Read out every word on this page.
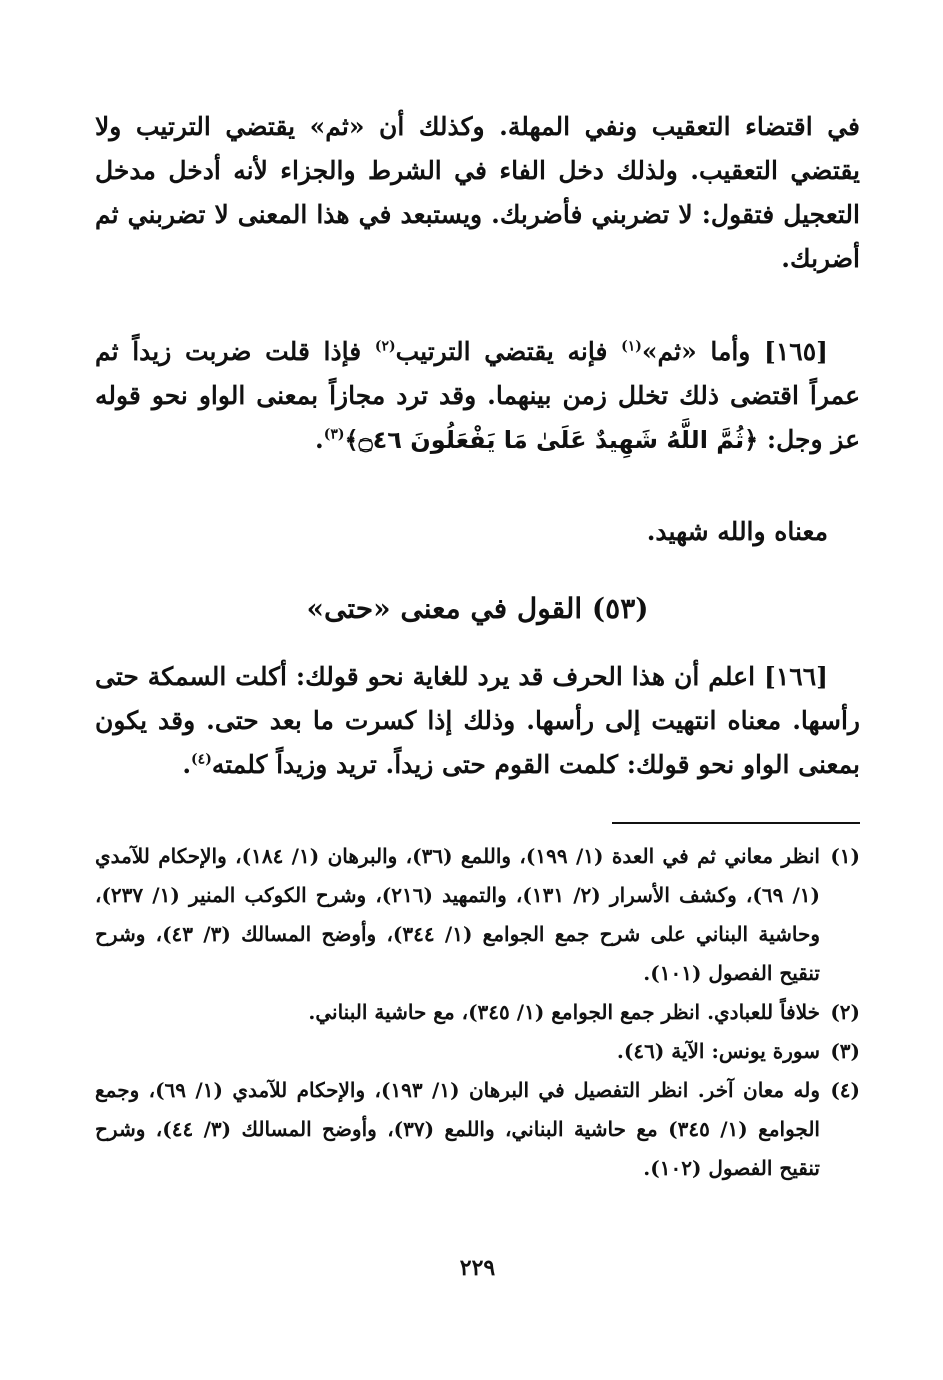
في اقتضاء التعقيب ونفي المهلة. وكذلك أن «ثم» يقتضي الترتيب ولا يقتضي التعقيب. ولذلك دخل الفاء في الشرط والجزاء لأنه أدخل مدخل التعجيل فتقول: لا تضربني فأضربك. ويستبعد في هذا المعنى لا تضربني ثم أضربك.

[١٦٥] وأما «ثم»$^{(١)}$ فإنه يقتضي الترتيب$^{(٢)}$ فإذا قلت ضربت زيداً ثم عمراً اقتضى ذلك تخلل زمن بينهما. وقد ترد مجازاً بمعنى الواو نحو قوله عز وجل: ﴿ثُمَّ اللَّهُ شَهِيدٌ عَلَىٰ مَا يَفْعَلُونَ ۝٤٦﴾$^{(٣)}$.

معناه والله شهيد.

(٥٣) القول في معنى «حتى»

[١٦٦] اعلم أن هذا الحرف قد يرد للغاية نحو قولك: أكلت السمكة حتى رأسها. معناه انتهيت إلى رأسها. وذلك إذا كسرت ما بعد حتى. وقد يكون بمعنى الواو نحو قولك: كلمت القوم حتى زيداً. تريد وزيداً كلمته$^{(٤)}$.

(١)
انظر معاني ثم في العدة (١/ ١٩٩)، واللمع (٣٦)، والبرهان (١/ ١٨٤)، والإحكام للآمدي (١/ ٦٩)، وكشف الأسرار (٢/ ١٣١)، والتمهيد (٢١٦)، وشرح الكوكب المنير (١/ ٢٣٧)، وحاشية البناني على شرح جمع الجوامع (١/ ٣٤٤)، وأوضح المسالك (٣/ ٤٣)، وشرح تنقيح الفصول (١٠١).
(٢)
خلافاً للعبادي. انظر جمع الجوامع (١/ ٣٤٥)، مع حاشية البناني.
(٣)
سورة يونس: الآية (٤٦).
(٤)
وله معان آخر. انظر التفصيل في البرهان (١/ ١٩٣)، والإحكام للآمدي (١/ ٦٩)، وجمع الجوامع (١/ ٣٤٥) مع حاشية البناني، واللمع (٣٧)، وأوضح المسالك (٣/ ٤٤)، وشرح تنقيح الفصول (١٠٢).
٢٢٩
